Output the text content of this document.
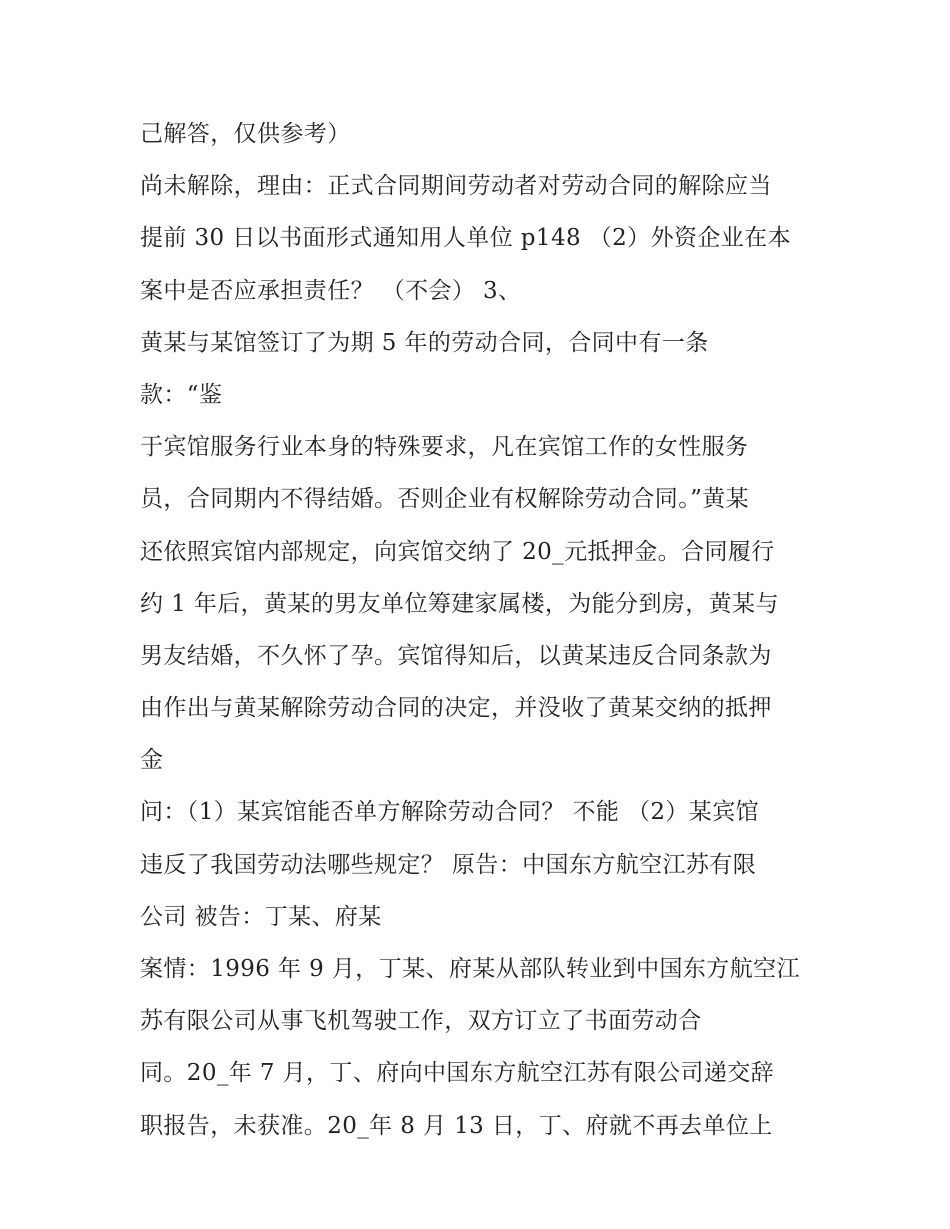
己解答，仅供参考）
尚未解除，理由：正式合同期间劳动者对劳动合同的解除应当
提前 30 日以书面形式通知用人单位 p148 （2）外资企业在本
案中是否应承担责任？ （不会） 3、
黄某与某馆签订了为期 5 年的劳动合同，合同中有一条
款：“鉴
于宾馆服务行业本身的特殊要求，凡在宾馆工作的女性服务
员，合同期内不得结婚。否则企业有权解除劳动合同。”黄某
还依照宾馆内部规定，向宾馆交纳了 20_元抵押金。合同履行
约 1 年后，黄某的男友单位筹建家属楼，为能分到房，黄某与
男友结婚，不久怀了孕。宾馆得知后，以黄某违反合同条款为
由作出与黄某解除劳动合同的决定，并没收了黄某交纳的抵押
金
问：（1）某宾馆能否单方解除劳动合同？ 不能 （2）某宾馆
违反了我国劳动法哪些规定？ 原告：中国东方航空江苏有限
公司 被告：丁某、府某
案情：1996 年 9 月，丁某、府某从部队转业到中国东方航空江
苏有限公司从事飞机驾驶工作，双方订立了书面劳动合
同。20_年 7 月，丁、府向中国东方航空江苏有限公司递交辞
职报告，未获准。20_年 8 月 13 日，丁、府就不再去单位上
